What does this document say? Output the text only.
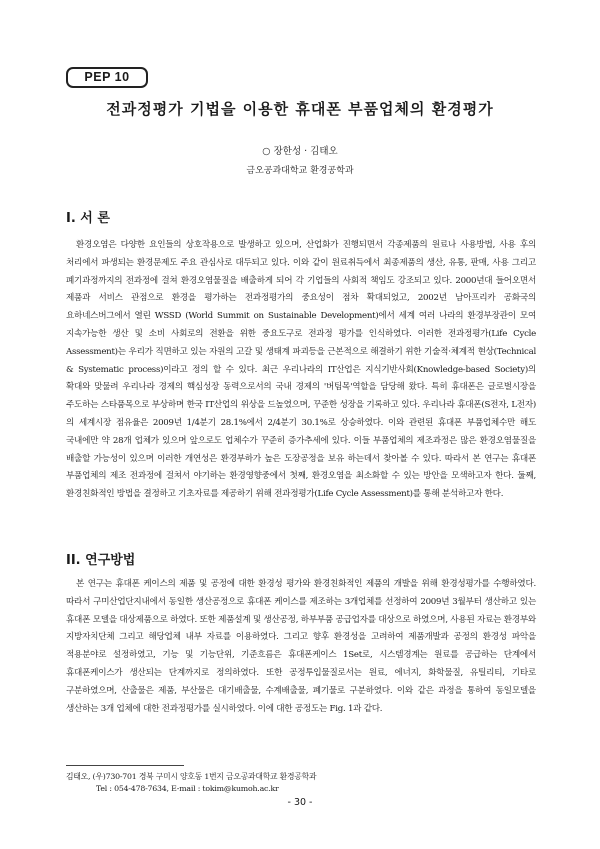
PEP 10
전과정평가 기법을 이용한 휴대폰 부품업체의 환경평가
○ 장한성 · 김태오
금오공과대학교 환경공학과
I. 서 론

환경오염은 다양한 요인들의 상호작용으로 발생하고 있으며, 산업화가 진행되면서 각종제품의 원료나 사용방법, 사용 후의 처리에서 파생되는 환경문제도 주요 관심사로 대두되고 있다. 이와 같이 원료취득에서 최종제품의 생산, 유통, 판매, 사용 그리고 폐기과정까지의 전과정에 걸쳐 환경오염물질을 배출하게 되어 각 기업들의 사회적 책임도 강조되고 있다. 2000년대 들어오면서 제품과 서비스 관점으로 환경을 평가하는 전과정평가의 중요성이 점차 확대되었고, 2002년 남아프리카 공화국의 요하네스버그에서 열린 WSSD (World Summit on Sustainable Development)에서 세계 여러 나라의 환경부장관이 모여 지속가능한 생산 및 소비 사회로의 전환을 위한 중요도구로 전과정 평가를 인식하였다. 이러한 전과정평가(Life Cycle Assessment)는 우리가 직면하고 있는 자원의 고갈 및 생태계 파괴등을 근본적으로 해결하기 위한 기술적·체계적 현상(Technical & Systematic process)이라고 정의 할 수 있다. 최근 우리나라의 IT산업은 지식기반사회(Knowledge-based Society)의 확대와 맞물려 우리나라 경제의 핵심성장 동력으로서의 국내 경제의 '버팀목'역할을 담당해 왔다. 특히 휴대폰은 글로벌시장을 주도하는 스타품목으로 부상하며 한국 IT산업의 위상을 드높였으며, 꾸준한 성장을 기록하고 있다. 우리나라 휴대폰(S전자, L전자)의 세계시장 점유율은 2009년 1/4분기 28.1%에서 2/4분기 30.1%로 상승하였다. 이와 관련된 휴대폰 부품업체수만 해도 국내에만 약 28개 업체가 있으며 앞으로도 업체수가 꾸준히 증가추세에 있다. 이들 부품업체의 제조과정은 많은 환경오염물질을 배출할 가능성이 있으며 이러한 개연성은 환경부하가 높은 도장공정을 보유 하는데서 찾아볼 수 있다. 따라서 본 연구는 휴대폰 부품업체의 제조 전과정에 걸쳐서 야기하는 환경영향중에서 첫째, 환경오염을 최소화할 수 있는 방안을 모색하고자 한다. 둘째, 환경친화적인 방법을 결정하고 기초자료를 제공하기 위해 전과정평가(Life Cycle Assessment)를 통해 분석하고자 한다.

II. 연구방법

본 연구는 휴대폰 케이스의 제품 및 공정에 대한 환경성 평가와 환경친화적인 제품의 개발을 위해 환경성평가를 수행하였다. 따라서 구미산업단지내에서 동일한 생산공정으로 휴대폰 케이스를 제조하는 3개업체를 선정하여 2009년 3월부터 생산하고 있는 휴대폰 모델을 대상제품으로 하였다. 또한 제품설계 및 생산공정, 하부부품 공급업자를 대상으로 하였으며, 사용된 자료는 환경부와 지방자치단체 그리고 해당업체 내부 자료를 이용하였다. 그리고 향후 환경성을 고려하여 제품개발과 공정의 환경성 파악을 적용분야로 설정하였고, 기능 및 기능단위, 기준흐름은 휴대폰케이스 1Set로, 시스템경계는 원료를 공급하는 단계에서 휴대폰케이스가 생산되는 단계까지로 정의하였다. 또한 공정투입물질로서는 원료, 에너지, 화학물질, 유틸리티, 기타로 구분하였으며, 산출물은 제품, 부산물은 대기배출물, 수계배출물, 폐기물로 구분하였다. 이와 같은 과정을 통하여 동일모델을 생산하는 3개 업체에 대한 전과정평가를 실시하였다. 이에 대한 공정도는 Fig. 1과 같다.

김태오, (우)730-701 경북 구미시 양호동 1번지 금오공과대학교 환경공학과
Tel : 054-478-7634, E-mail : tokim@kumoh.ac.kr
- 30 -
